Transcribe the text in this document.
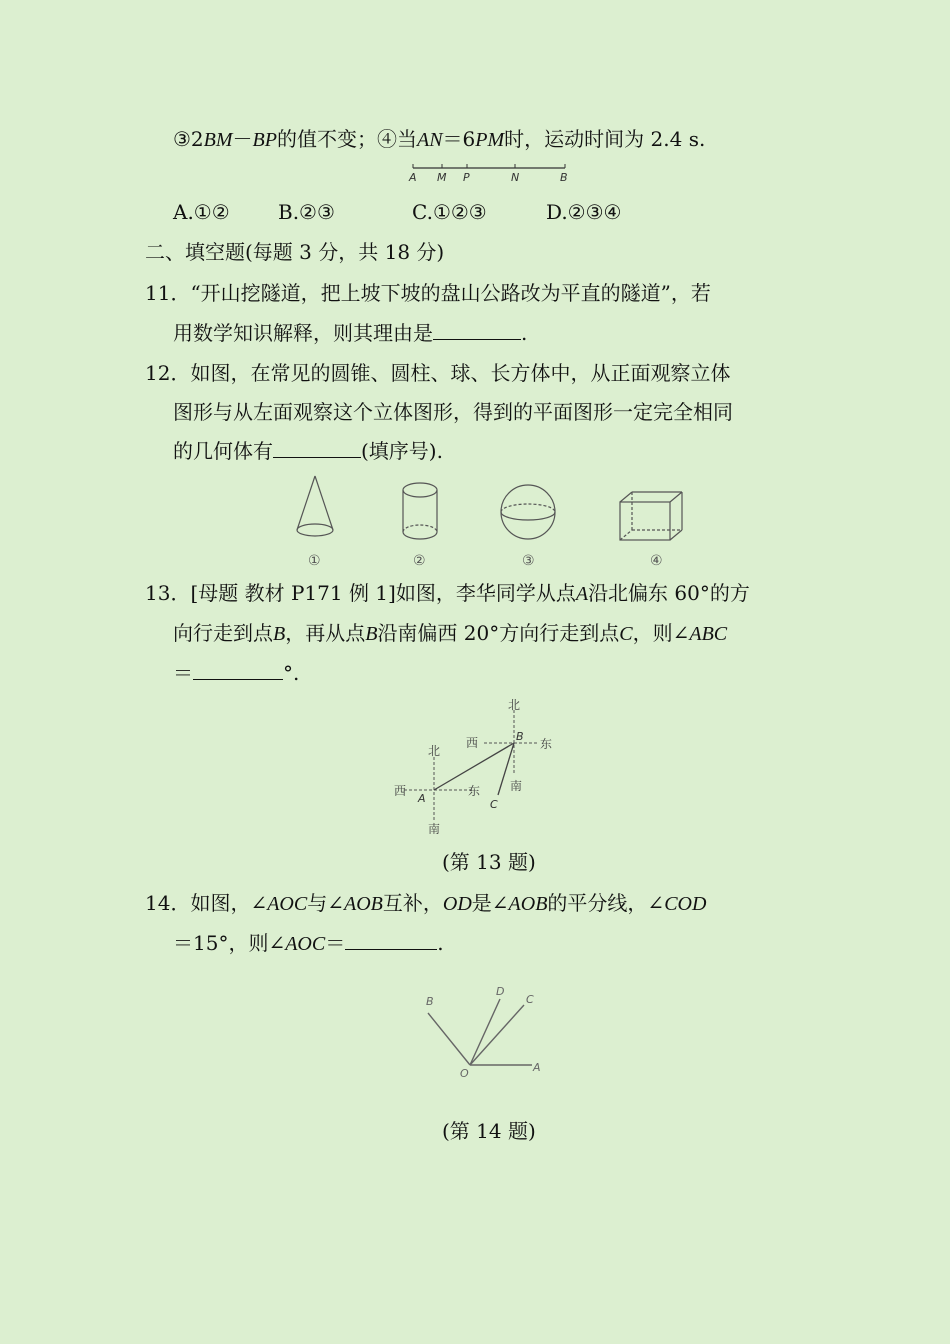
③2BM－BP的值不变；④当AN＝6PM时，运动时间为 2.4 s.
A M P	N	B
A.①② B.②③	C.①②③	D.②③④
二、填空题(每题 3 分，共 18 分)
11．“开山挖隧道，把上坡下坡的盘山公路改为平直的隧道”，若
用数学知识解释，则其理由是	.
12．如图，在常见的圆锥、圆柱、球、长方体中，从正面观察立体
图形与从左面观察这个立体图形，得到的平面图形一定完全相同
的几何体有	(填序号).
①	②	③	④
13．[母题 教材 P171 例 1]如图，李华同学从点A沿北偏东 60°的方
向行走到点B，再从点B沿南偏西 20°方向行走到点C，则∠ABC
＝	°.
北
西	东
南
北
西	东
南
A
B
C
(第 13 题)
14．如图，∠AOC与∠AOB互补，OD是∠AOB的平分线，∠COD
＝15°，则∠AOC＝	.
B
D
C
O	A
(第 14 题)
